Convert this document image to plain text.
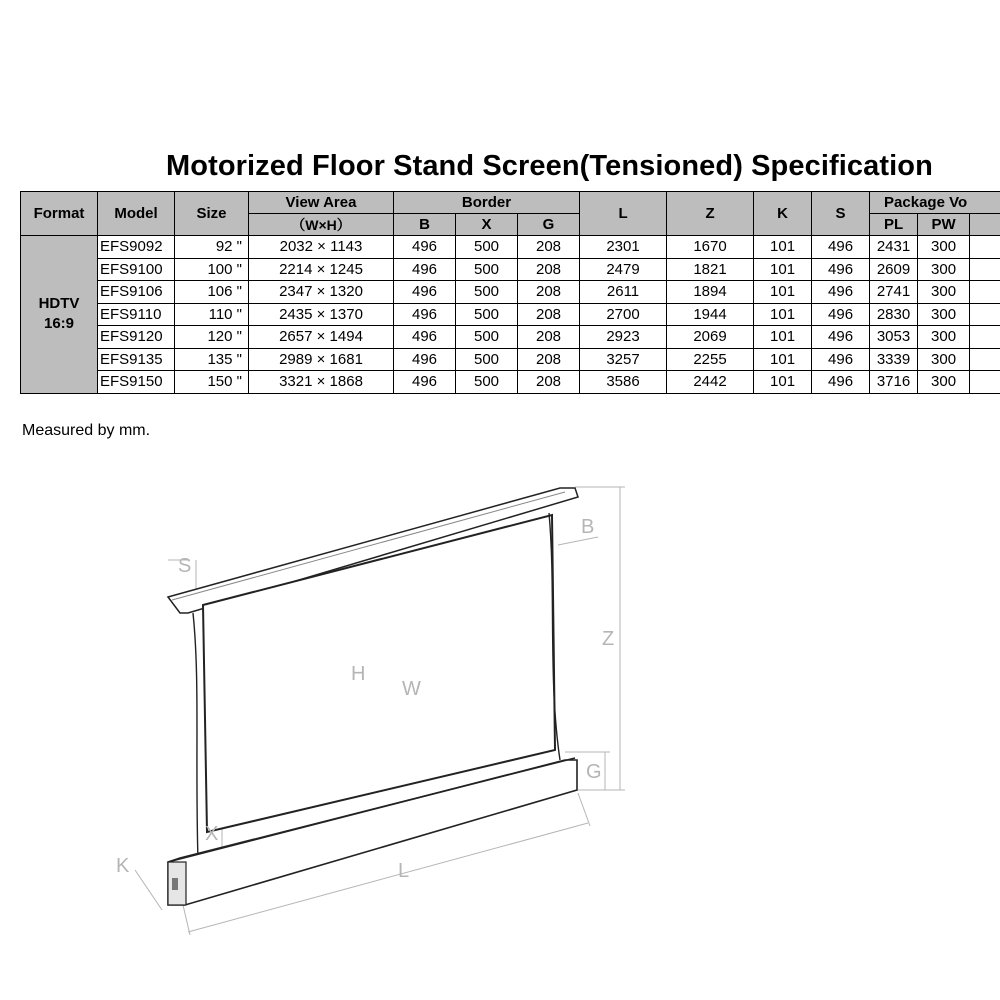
Motorized Floor Stand Screen(Tensioned) Specification
Format	Model	Size	View Area	Border			L	Z	K	S	Package Vo		
			（W×H）	B	X	G					PL	PW	

HDTV
16:9	EFS9092	92 "	2032 × 1143	496	500	208	2301	1670	101	496	2431	300	
	EFS9100	100 "	2214 × 1245	496	500	208	2479	1821	101	496	2609	300	
	EFS9106	106 "	2347 × 1320	496	500	208	2611	1894	101	496	2741	300	
	EFS9110	110 "	2435 × 1370	496	500	208	2700	1944	101	496	2830	300	
	EFS9120	120 "	2657 × 1494	496	500	208	2923	2069	101	496	3053	300	
	EFS9135	135 "	2989 × 1681	496	500	208	3257	2255	101	496	3339	300	
	EFS9150	150 "	3321 × 1868	496	500	208	3586	2442	101	496	3716	300	
Measured by mm.
S
B
H
W
Z
G
X
K	L
